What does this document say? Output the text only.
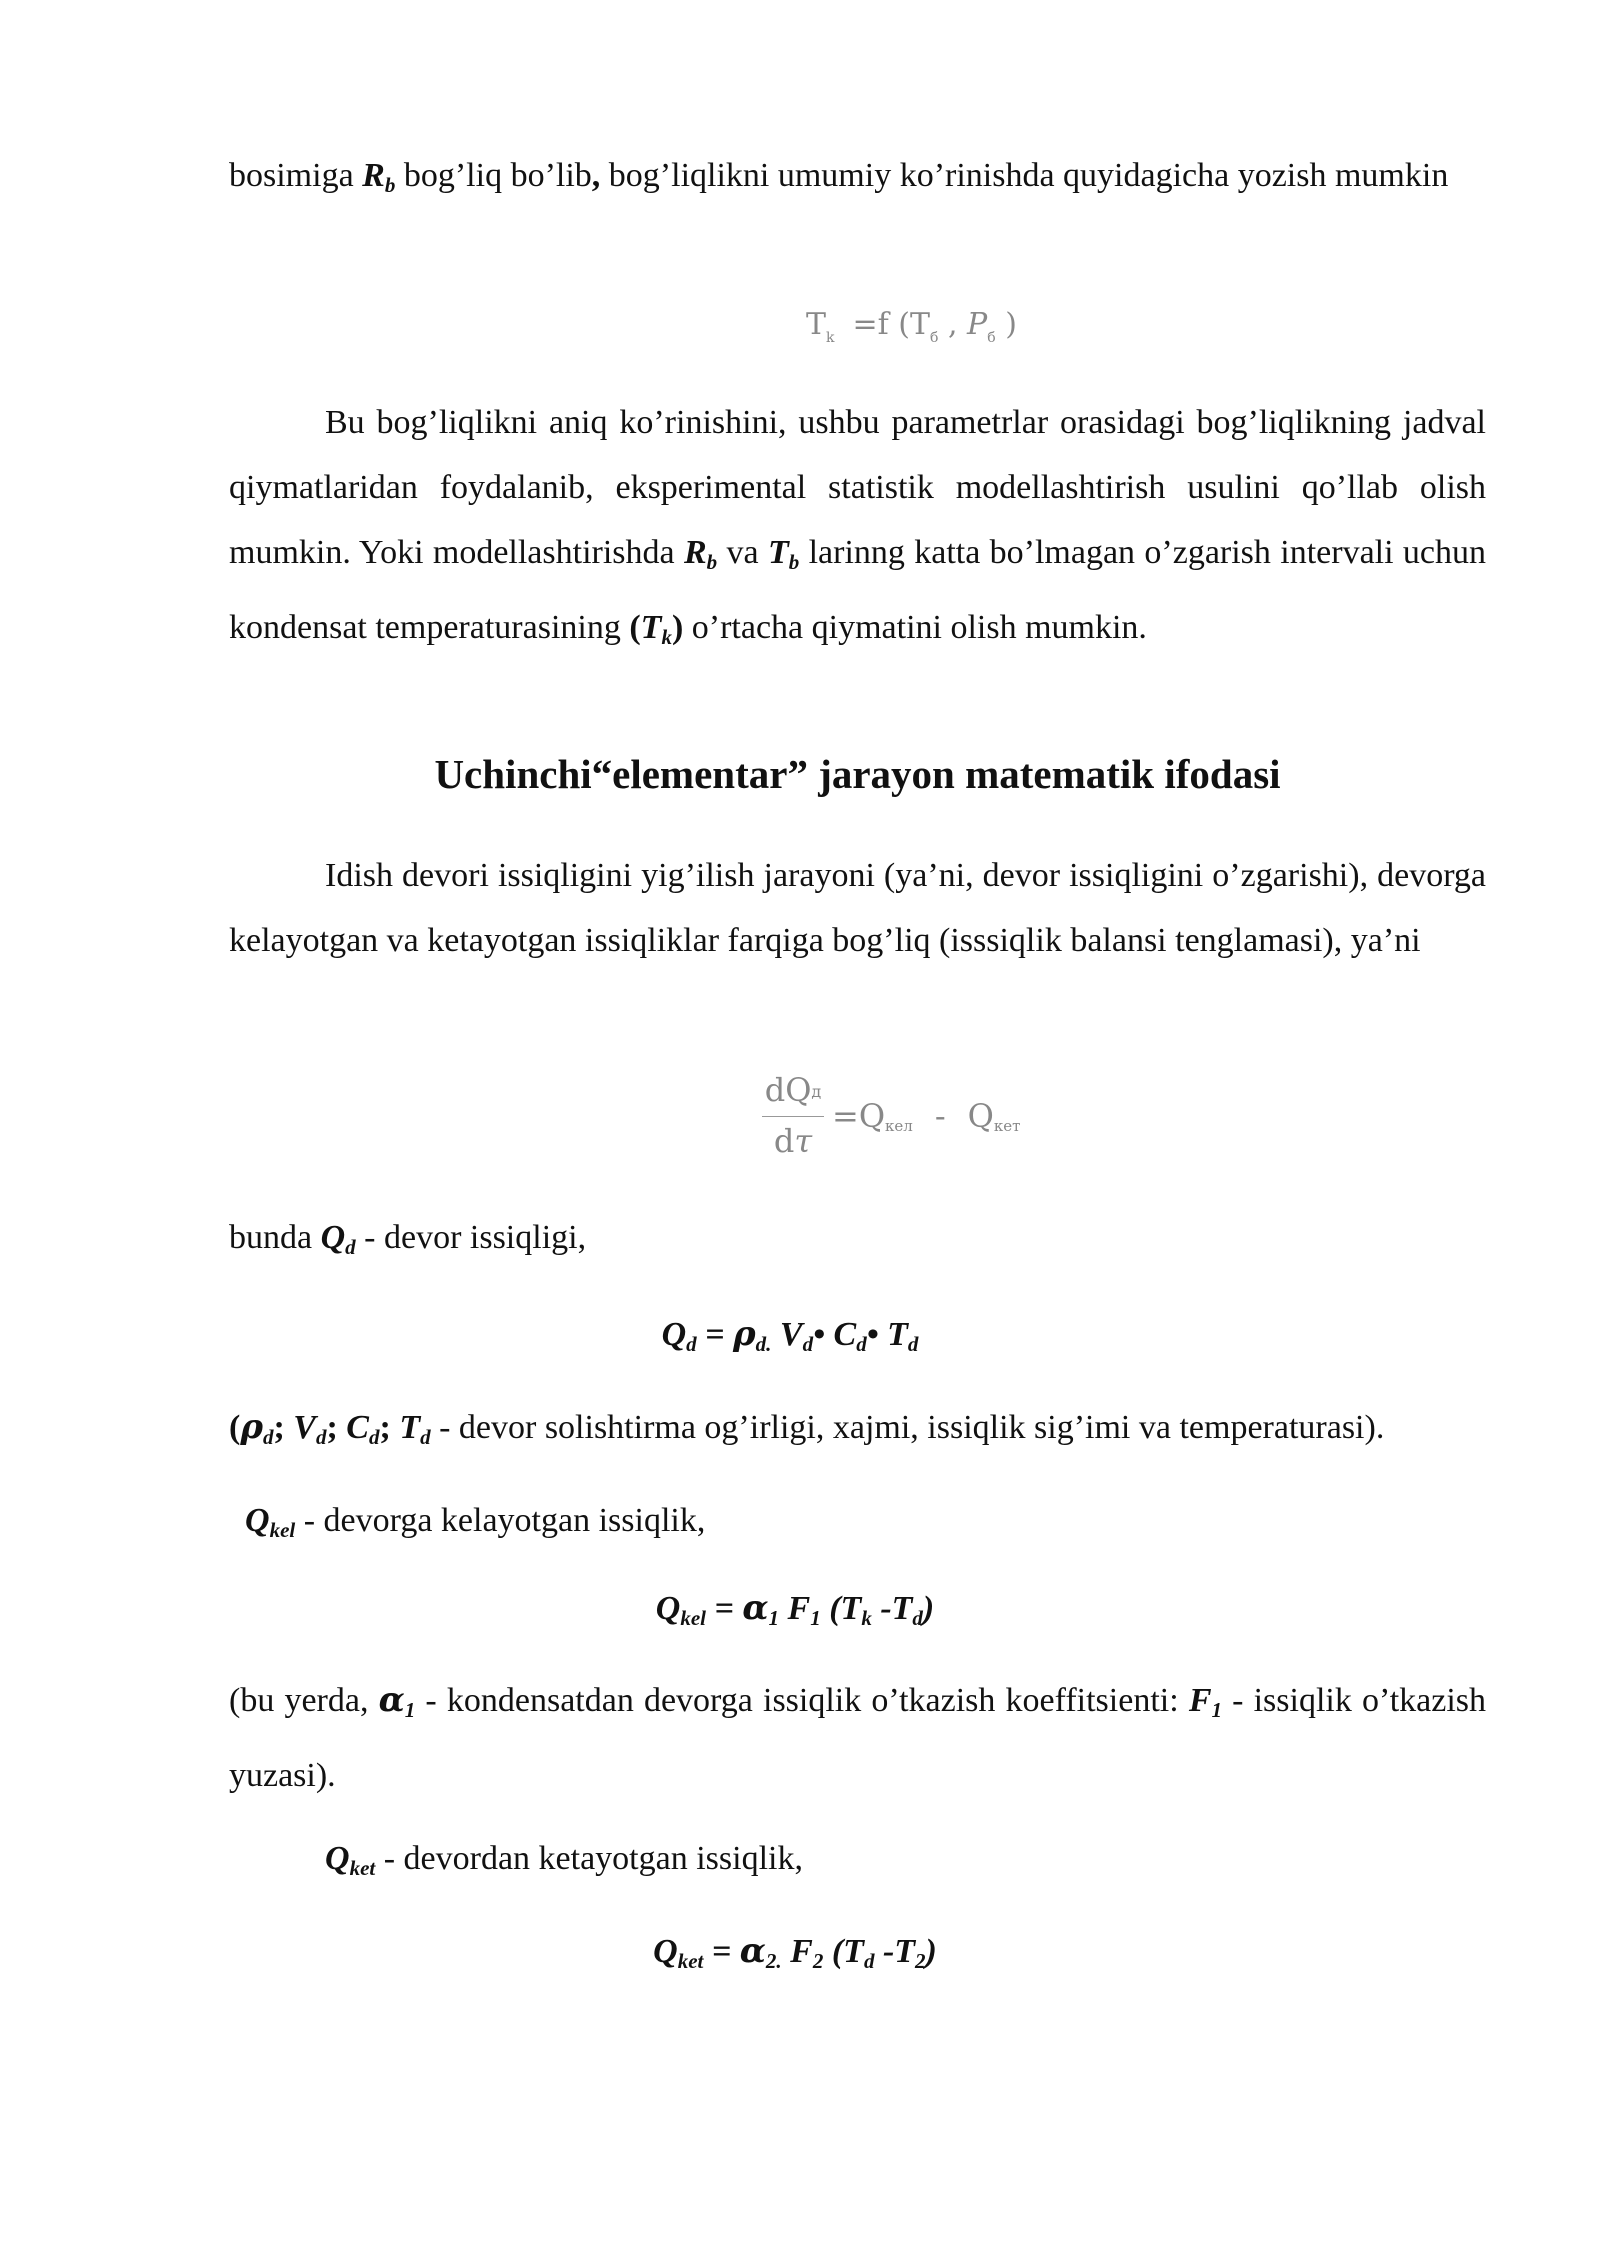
bosimiga $R_b$ bog’liq bo’lib, bog’liqlikni umumiy ko’rinishda quyidagicha yozish mumkin

$T_k =f$ ($T_б$ , $P_б$ )

Bu bog’liqlikni aniq ko’rinishini, ushbu parametrlar orasidagi bog’liqlikning jadval qiymatlaridan foydalanib, eksperimental statistik modellashtirish usulini qo’llab olish mumkin. Yoki modellashtirishda $R_b$ va $T_b$ larinng katta bo’lmagan o’zgarish intervali uchun kondensat temperaturasining $(T_k)$ o’rtacha qiymatini olish mumkin.

Uchinchi“elementar” jarayon matematik ifodasi

Idish devori issiqligini yig’ilish jarayoni (ya’ni, devor issiqligini o’zgarishi), devorga kelayotgan va ketayotgan issiqliklar farqiga bog’liq (isssiqlik balansi tenglamasi), ya’ni

dQд
dτ
=Qкел - Qкет

bunda $Q_d$ - devor issiqligi,

$Q_d = \rho_{d.}$ $V_d•$ $C_d•$ $T_d$

($\rho_d$; $V_d$; $C_d$; $T_d$ - devor solishtirma og’irligi, xajmi, issiqlik sig’imi va temperaturasi).

$Q_{kel}$ - devorga kelayotgan issiqlik,

$Q_{kel} = \alpha_1$ $F_1$ ($T_k$ $-T_d$)

(bu yerda, $\alpha_1$ - kondensatdan devorga issiqlik o’tkazish koeffitsienti: $F_1$ - issiqlik o’tkazish yuzasi).

$Q_{ket}$ - devordan ketayotgan issiqlik,

$Q_{ket} = \alpha_{2.}$ $F_2$ ($T_d$ $-T_2$)
